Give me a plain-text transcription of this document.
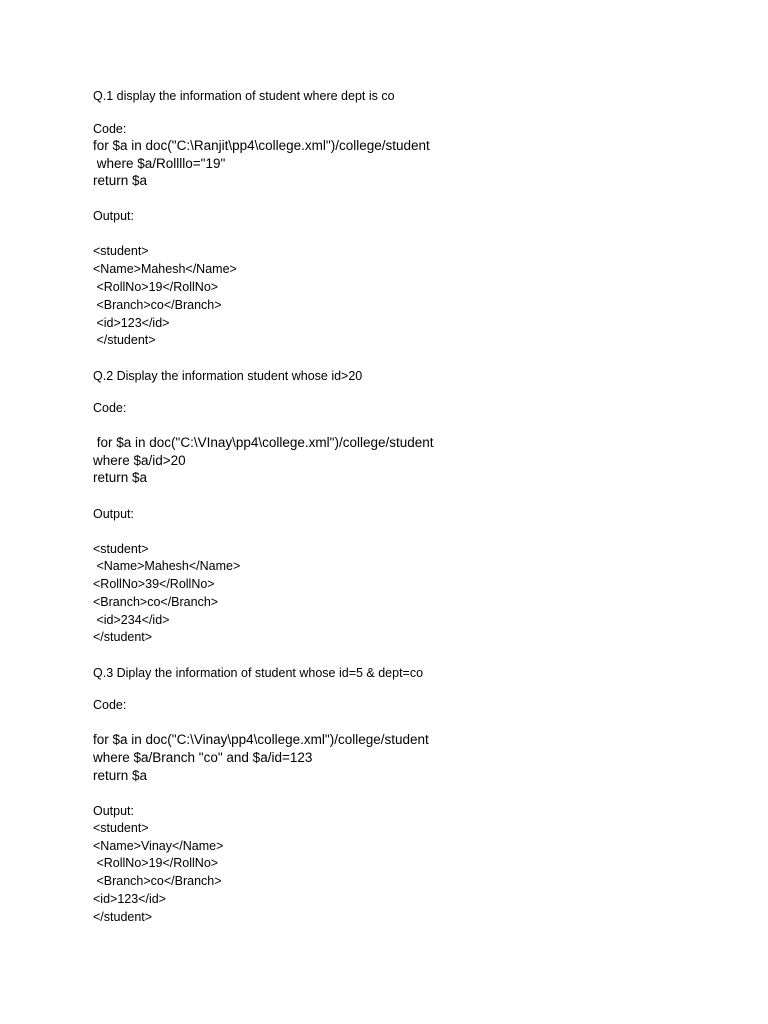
Q.1 display the information of student where dept is co
Code:
for $a in doc("C:\Ranjit\pp4\college.xml")/college/student
where $a/Rollllo="19"
return $a
Output:
<student>
<Name>Mahesh</Name>
<RollNo>19</RollNo>
<Branch>co</Branch>
<id>123</id>
</student>
Q.2 Display the information student whose id>20
Code:
for $a in doc("C:\VInay\pp4\college.xml")/college/student
where $a/id>20
return $a
Output:
<student>
<Name>Mahesh</Name>
<RollNo>39</RollNo>
<Branch>co</Branch>
<id>234</id>
</student>
Q.3 Diplay the information of student whose id=5 & dept=co
Code:
for $a in doc("C:\Vinay\pp4\college.xml")/college/student
where $a/Branch "co" and $a/id=123
return $a
Output:
<student>
<Name>Vinay</Name>
<RollNo>19</RollNo>
<Branch>co</Branch>
<id>123</id>
</student>
